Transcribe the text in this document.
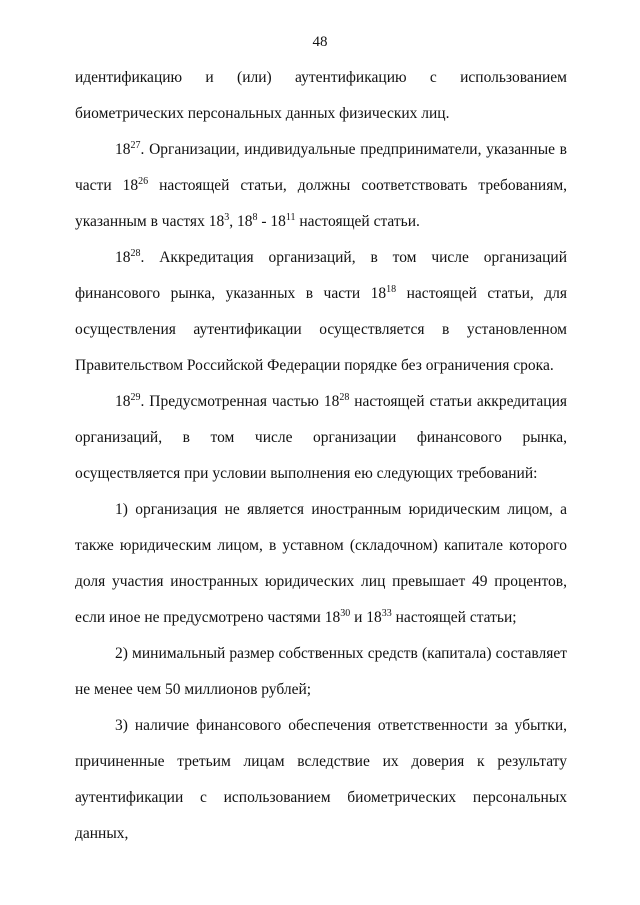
48

идентификацию и (или) аутентификацию с использованием биометрических персональных данных физических лиц.

$18^{27}$. Организации, индивидуальные предприниматели, указанные в части $18^{26}$ настоящей статьи, должны соответствовать требованиям, указанным в частях $18^3$, $18^8 - 18^{11}$ настоящей статьи.

$18^{28}$. Аккредитация организаций, в том числе организаций финансового рынка, указанных в части $18^{18}$ настоящей статьи, для осуществления аутентификации осуществляется в установленном Правительством Российской Федерации порядке без ограничения срока.

$18^{29}$. Предусмотренная частью $18^{28}$ настоящей статьи аккредитация организаций, в том числе организации финансового рынка, осуществляется при условии выполнения ею следующих требований:

1) организация не является иностранным юридическим лицом, а также юридическим лицом, в уставном (складочном) капитале которого доля участия иностранных юридических лиц превышает 49 процентов, если иное не предусмотрено частями $18^{30}$ и $18^{33}$ настоящей статьи;

2) минимальный размер собственных средств (капитала) составляет не менее чем 50 миллионов рублей;

3) наличие финансового обеспечения ответственности за убытки, причиненные третьим лицам вследствие их доверия к результату аутентификации с использованием биометрических персональных данных,
